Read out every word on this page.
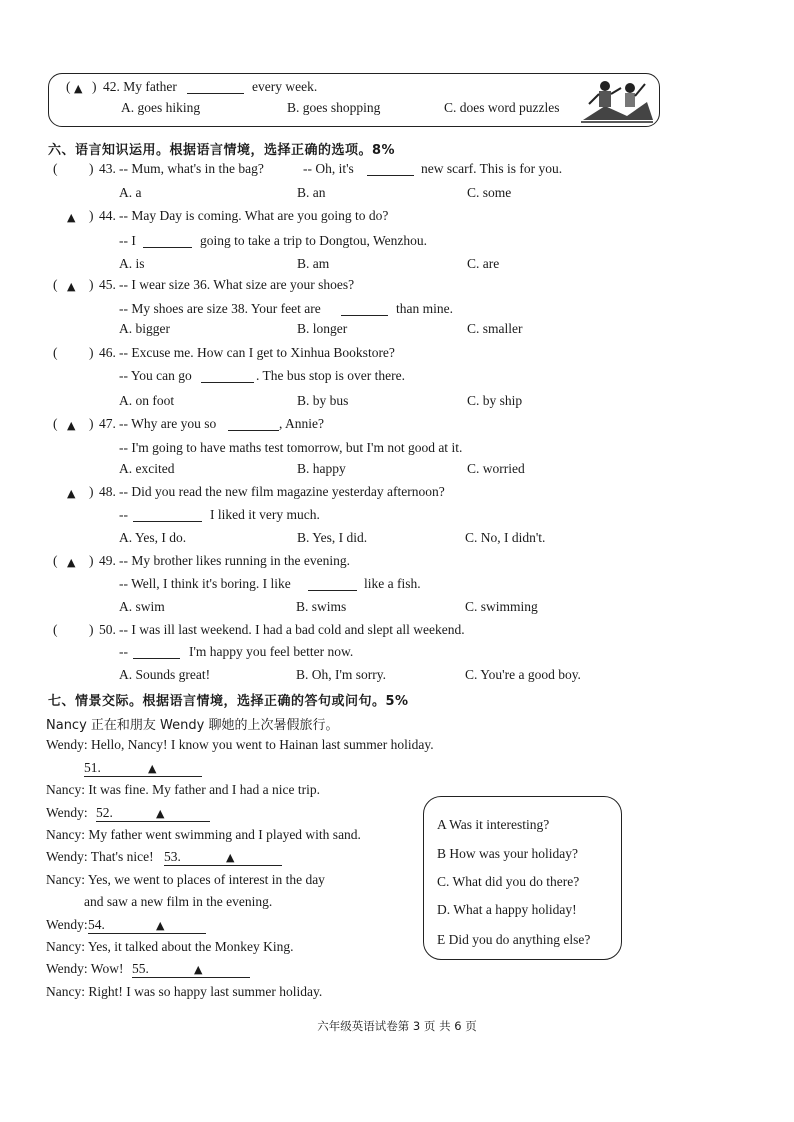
( ▲ ) 42. My father	every week.
A. goes hiking	B. goes shopping	C. does word puzzles
六、语言知识运用。根据语言情境，选择正确的选项。8%
( ) 43. -- Mum, what's in the bag?	-- Oh, it's	new scarf. This is for you.
A. a	B. an	C. some
▲ ) 44. -- May Day is coming. What are you going to do?
-- I	going to take a trip to Dongtou, Wenzhou.
A. is	B. am	C. are
( ▲ ) 45. -- I wear size 36. What size are your shoes?
-- My shoes are size 38. Your feet are	than mine.
A. bigger	B. longer	C. smaller
( ) 46. -- Excuse me. How can I get to Xinhua Bookstore?
-- You can go	. The bus stop is over there.
A. on foot	B. by bus	C. by ship
( ▲ ) 47. -- Why are you so	, Annie?
-- I'm going to have maths test tomorrow, but I'm not good at it.
A. excited	B. happy	C. worried
▲ ) 48. -- Did you read the new film magazine yesterday afternoon?
--	I liked it very much.
A. Yes, I do.	B. Yes, I did.	C. No, I didn't.
( ▲ ) 49. -- My brother likes running in the evening.
-- Well, I think it's boring. I like	like a fish.
A. swim	B. swims	C. swimming
( ) 50. -- I was ill last weekend. I had a bad cold and slept all weekend.
--	I'm happy you feel better now.
A. Sounds great!	B. Oh, I'm sorry.	C. You're a good boy.
七、情景交际。根据语言情境，选择正确的答句或问句。5%
Nancy 正在和朋友 Wendy 聊她的上次暑假旅行。
Wendy: Hello, Nancy! I know you went to Hainan last summer holiday.
51.	▲
Nancy: It was fine. My father and I had a nice trip.
Wendy: 52.	▲
Nancy: My father went swimming and I played with sand.
Wendy: That's nice! 53.	▲
Nancy: Yes, we went to places of interest in the day
and saw a new film in the evening.
Wendy: 54.	▲
Nancy: Yes, it talked about the Monkey King.
Wendy: Wow! 55.	▲
Nancy: Right! I was so happy last summer holiday.
A Was it interesting?
B How was your holiday?
C. What did you do there?
D. What a happy holiday!
E Did you do anything else?
六年级英语试卷第 3 页 共 6 页
